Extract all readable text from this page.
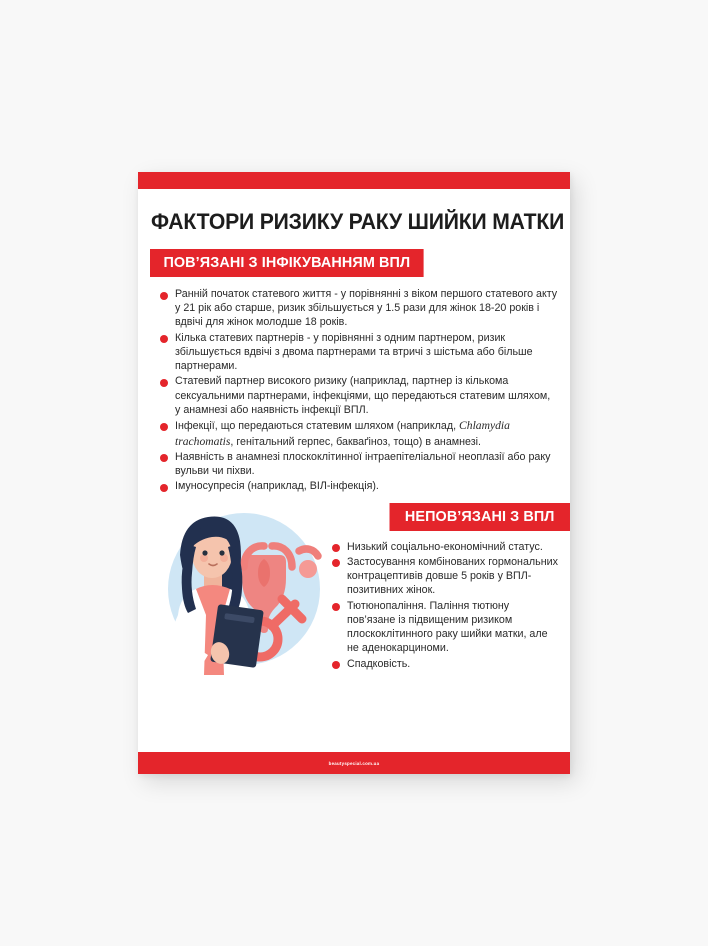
ФАКТОРИ РИЗИКУ РАКУ ШИЙКИ МАТКИ
ПОВ’ЯЗАНІ З ІНФІКУВАННЯМ ВПЛ
Ранній початок статевого життя - у порівнянні з віком першого статевого акту у 21 рік або старше, ризик збільшується у 1.5 рази для жінок 18-20 років і вдвічі для жінок молодше 18 років.
Кілька статевих партнерів - у порівнянні з одним партнером, ризик збільшується вдвічі з двома партнерами та втричі з шістьма або більше партнерами.
Статевий партнер високого ризику (наприклад, партнер із кількома сексуальними партнерами, інфекціями, що передаються статевим шляхом, у анамнезі або наявність інфекції ВПЛ.
Інфекції, що передаються статевим шляхом (наприклад, Chlamydia trachomatis, генітальний герпес, бакваґіноз, тощо) в анамнезі.
Наявність в анамнезі плоскоклітинної інтраепітеліальної неоплазії або раку вульви чи піхви.
Імуносупресія (наприклад, ВІЛ-інфекція).
НЕПОВ’ЯЗАНІ З ВПЛ
Низький соціально-економічний статус.
Застосування комбінованих гормональних контрацептивів довше 5 років у ВПЛ-позитивних жінок.
Тютюнопаління. Паління тютюну пов’язане із підвищеним ризиком плоскоклітинного раку шийки матки, але не аденокарциноми.
Спадковість.
beautyspecial.com.ua
